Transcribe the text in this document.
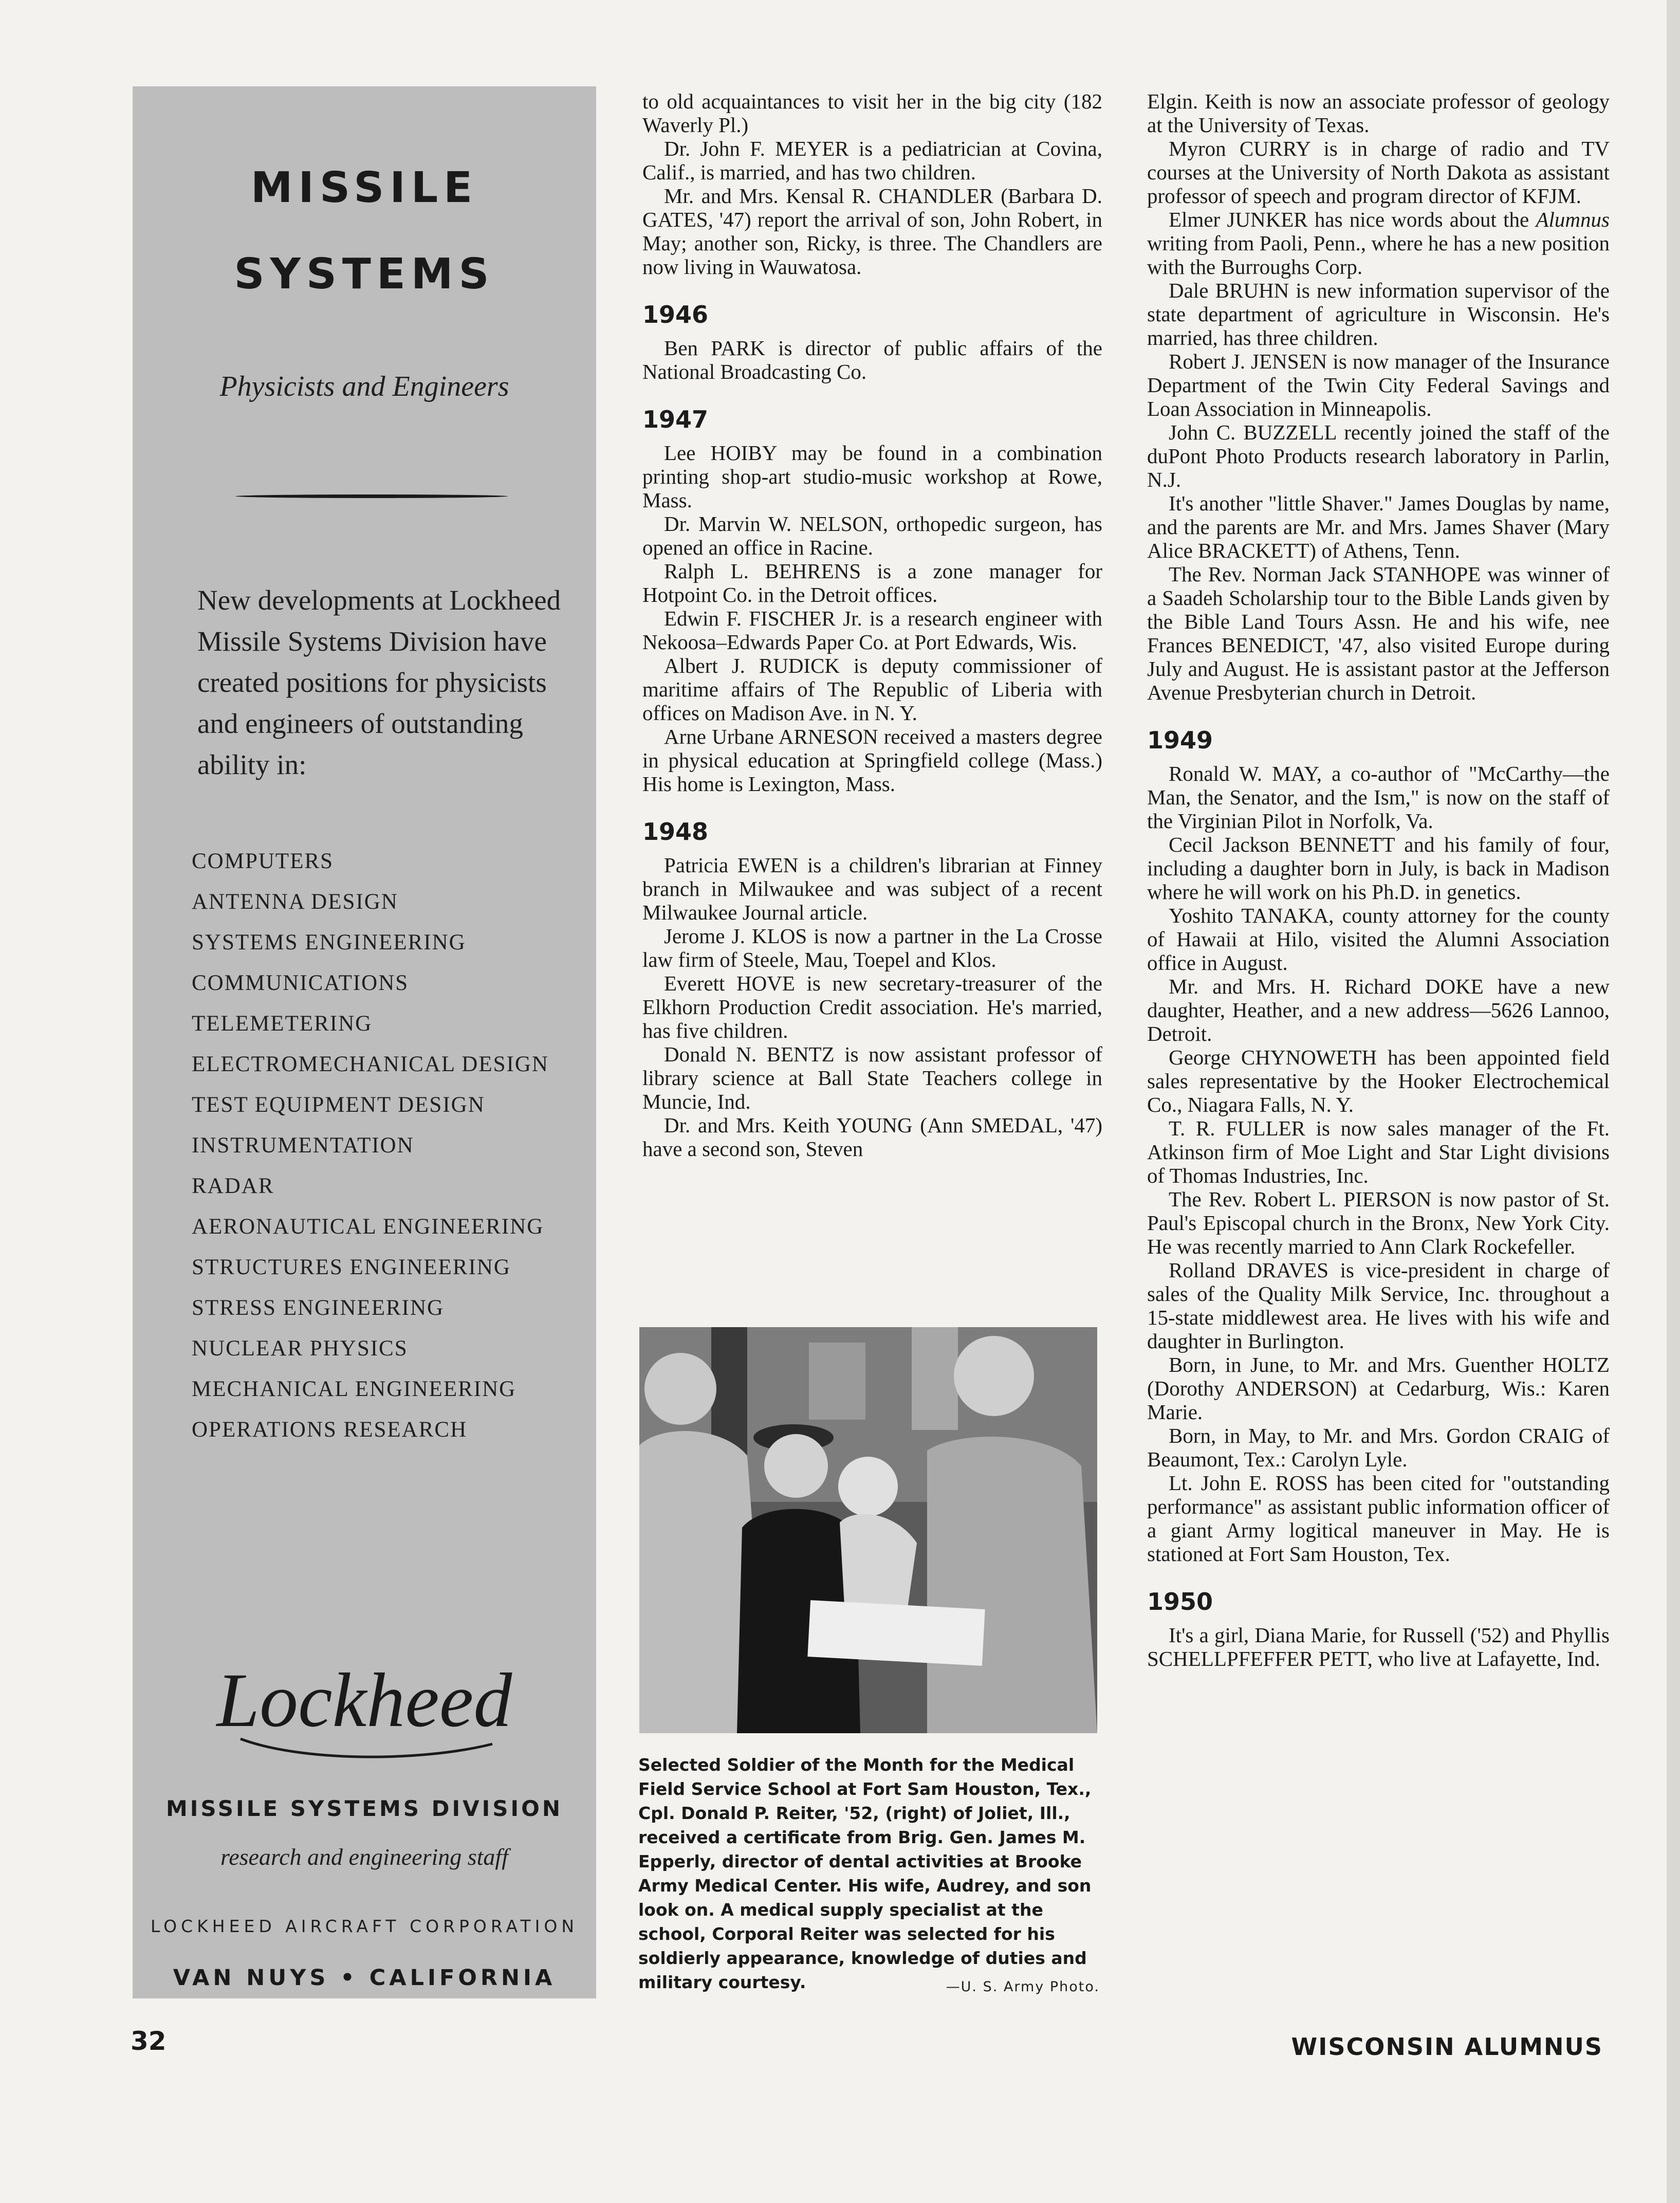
MISSILE
SYSTEMS
Physicists and Engineers
New developments at Lockheed Missile Systems Division have created positions for physicists and engineers of outstanding ability in:
COMPUTERS
ANTENNA DESIGN
SYSTEMS ENGINEERING
COMMUNICATIONS
TELEMETERING
ELECTROMECHANICAL DESIGN
TEST EQUIPMENT DESIGN
INSTRUMENTATION
RADAR
AERONAUTICAL ENGINEERING
STRUCTURES ENGINEERING
STRESS ENGINEERING
NUCLEAR PHYSICS
MECHANICAL ENGINEERING
OPERATIONS RESEARCH
Lockheed
MISSILE SYSTEMS DIVISION
research and engineering staff
LOCKHEED AIRCRAFT CORPORATION
VAN NUYS • CALIFORNIA

to old acquaintances to visit her in the big city (182 Waverly Pl.)

Dr. John F. MEYER is a pediatrician at Covina, Calif., is married, and has two children.

Mr. and Mrs. Kensal R. CHANDLER (Barbara D. GATES, '47) report the arrival of son, John Robert, in May; another son, Ricky, is three. The Chandlers are now living in Wauwatosa.

1946

Ben PARK is director of public affairs of the National Broadcasting Co.

1947

Lee HOIBY may be found in a combination printing shop-art studio-music workshop at Rowe, Mass.

Dr. Marvin W. NELSON, orthopedic surgeon, has opened an office in Racine.

Ralph L. BEHRENS is a zone manager for Hotpoint Co. in the Detroit offices.

Edwin F. FISCHER Jr. is a research engineer with Nekoosa–Edwards Paper Co. at Port Edwards, Wis.

Albert J. RUDICK is deputy commissioner of maritime affairs of The Republic of Liberia with offices on Madison Ave. in N. Y.

Arne Urbane ARNESON received a masters degree in physical education at Springfield college (Mass.) His home is Lexington, Mass.

1948

Patricia EWEN is a children's librarian at Finney branch in Milwaukee and was subject of a recent Milwaukee Journal article.

Jerome J. KLOS is now a partner in the La Crosse law firm of Steele, Mau, Toepel and Klos.

Everett HOVE is new secretary-treasurer of the Elkhorn Production Credit association. He's married, has five children.

Donald N. BENTZ is now assistant professor of library science at Ball State Teachers college in Muncie, Ind.

Dr. and Mrs. Keith YOUNG (Ann SMEDAL, '47) have a second son, Steven

Selected Soldier of the Month for the Medical Field Service School at Fort Sam Houston, Tex., Cpl. Donald P. Reiter, '52, (right) of Joliet, Ill., received a certificate from Brig. Gen. James M. Epperly, director of dental activities at Brooke Army Medical Center. His wife, Audrey, and son look on. A medical supply specialist at the school, Corporal Reiter was selected for his soldierly appearance, knowledge of duties and military courtesy.	—U. S. Army Photo.

Elgin. Keith is now an associate professor of geology at the University of Texas.

Myron CURRY is in charge of radio and TV courses at the University of North Dakota as assistant professor of speech and program director of KFJM.

Elmer JUNKER has nice words about the Alumnus writing from Paoli, Penn., where he has a new position with the Burroughs Corp.

Dale BRUHN is new information supervisor of the state department of agriculture in Wisconsin. He's married, has three children.

Robert J. JENSEN is now manager of the Insurance Department of the Twin City Federal Savings and Loan Association in Minneapolis.

John C. BUZZELL recently joined the staff of the duPont Photo Products research laboratory in Parlin, N.J.

It's another "little Shaver." James Douglas by name, and the parents are Mr. and Mrs. James Shaver (Mary Alice BRACKETT) of Athens, Tenn.

The Rev. Norman Jack STANHOPE was winner of a Saadeh Scholarship tour to the Bible Lands given by the Bible Land Tours Assn. He and his wife, nee Frances BENEDICT, '47, also visited Europe during July and August. He is assistant pastor at the Jefferson Avenue Presbyterian church in Detroit.

1949

Ronald W. MAY, a co-author of "McCarthy—the Man, the Senator, and the Ism," is now on the staff of the Virginian Pilot in Norfolk, Va.

Cecil Jackson BENNETT and his family of four, including a daughter born in July, is back in Madison where he will work on his Ph.D. in genetics.

Yoshito TANAKA, county attorney for the county of Hawaii at Hilo, visited the Alumni Association office in August.

Mr. and Mrs. H. Richard DOKE have a new daughter, Heather, and a new address—5626 Lannoo, Detroit.

George CHYNOWETH has been appointed field sales representative by the Hooker Electrochemical Co., Niagara Falls, N. Y.

T. R. FULLER is now sales manager of the Ft. Atkinson firm of Moe Light and Star Light divisions of Thomas Industries, Inc.

The Rev. Robert L. PIERSON is now pastor of St. Paul's Episcopal church in the Bronx, New York City. He was recently married to Ann Clark Rockefeller.

Rolland DRAVES is vice-president in charge of sales of the Quality Milk Service, Inc. throughout a 15-state middlewest area. He lives with his wife and daughter in Burlington.

Born, in June, to Mr. and Mrs. Guenther HOLTZ (Dorothy ANDERSON) at Cedarburg, Wis.: Karen Marie.

Born, in May, to Mr. and Mrs. Gordon CRAIG of Beaumont, Tex.: Carolyn Lyle.

Lt. John E. ROSS has been cited for "outstanding performance" as assistant public information officer of a giant Army logitical maneuver in May. He is stationed at Fort Sam Houston, Tex.

1950

It's a girl, Diana Marie, for Russell ('52) and Phyllis SCHELLPFEFFER PETT, who live at Lafayette, Ind.

32	WISCONSIN ALUMNUS
